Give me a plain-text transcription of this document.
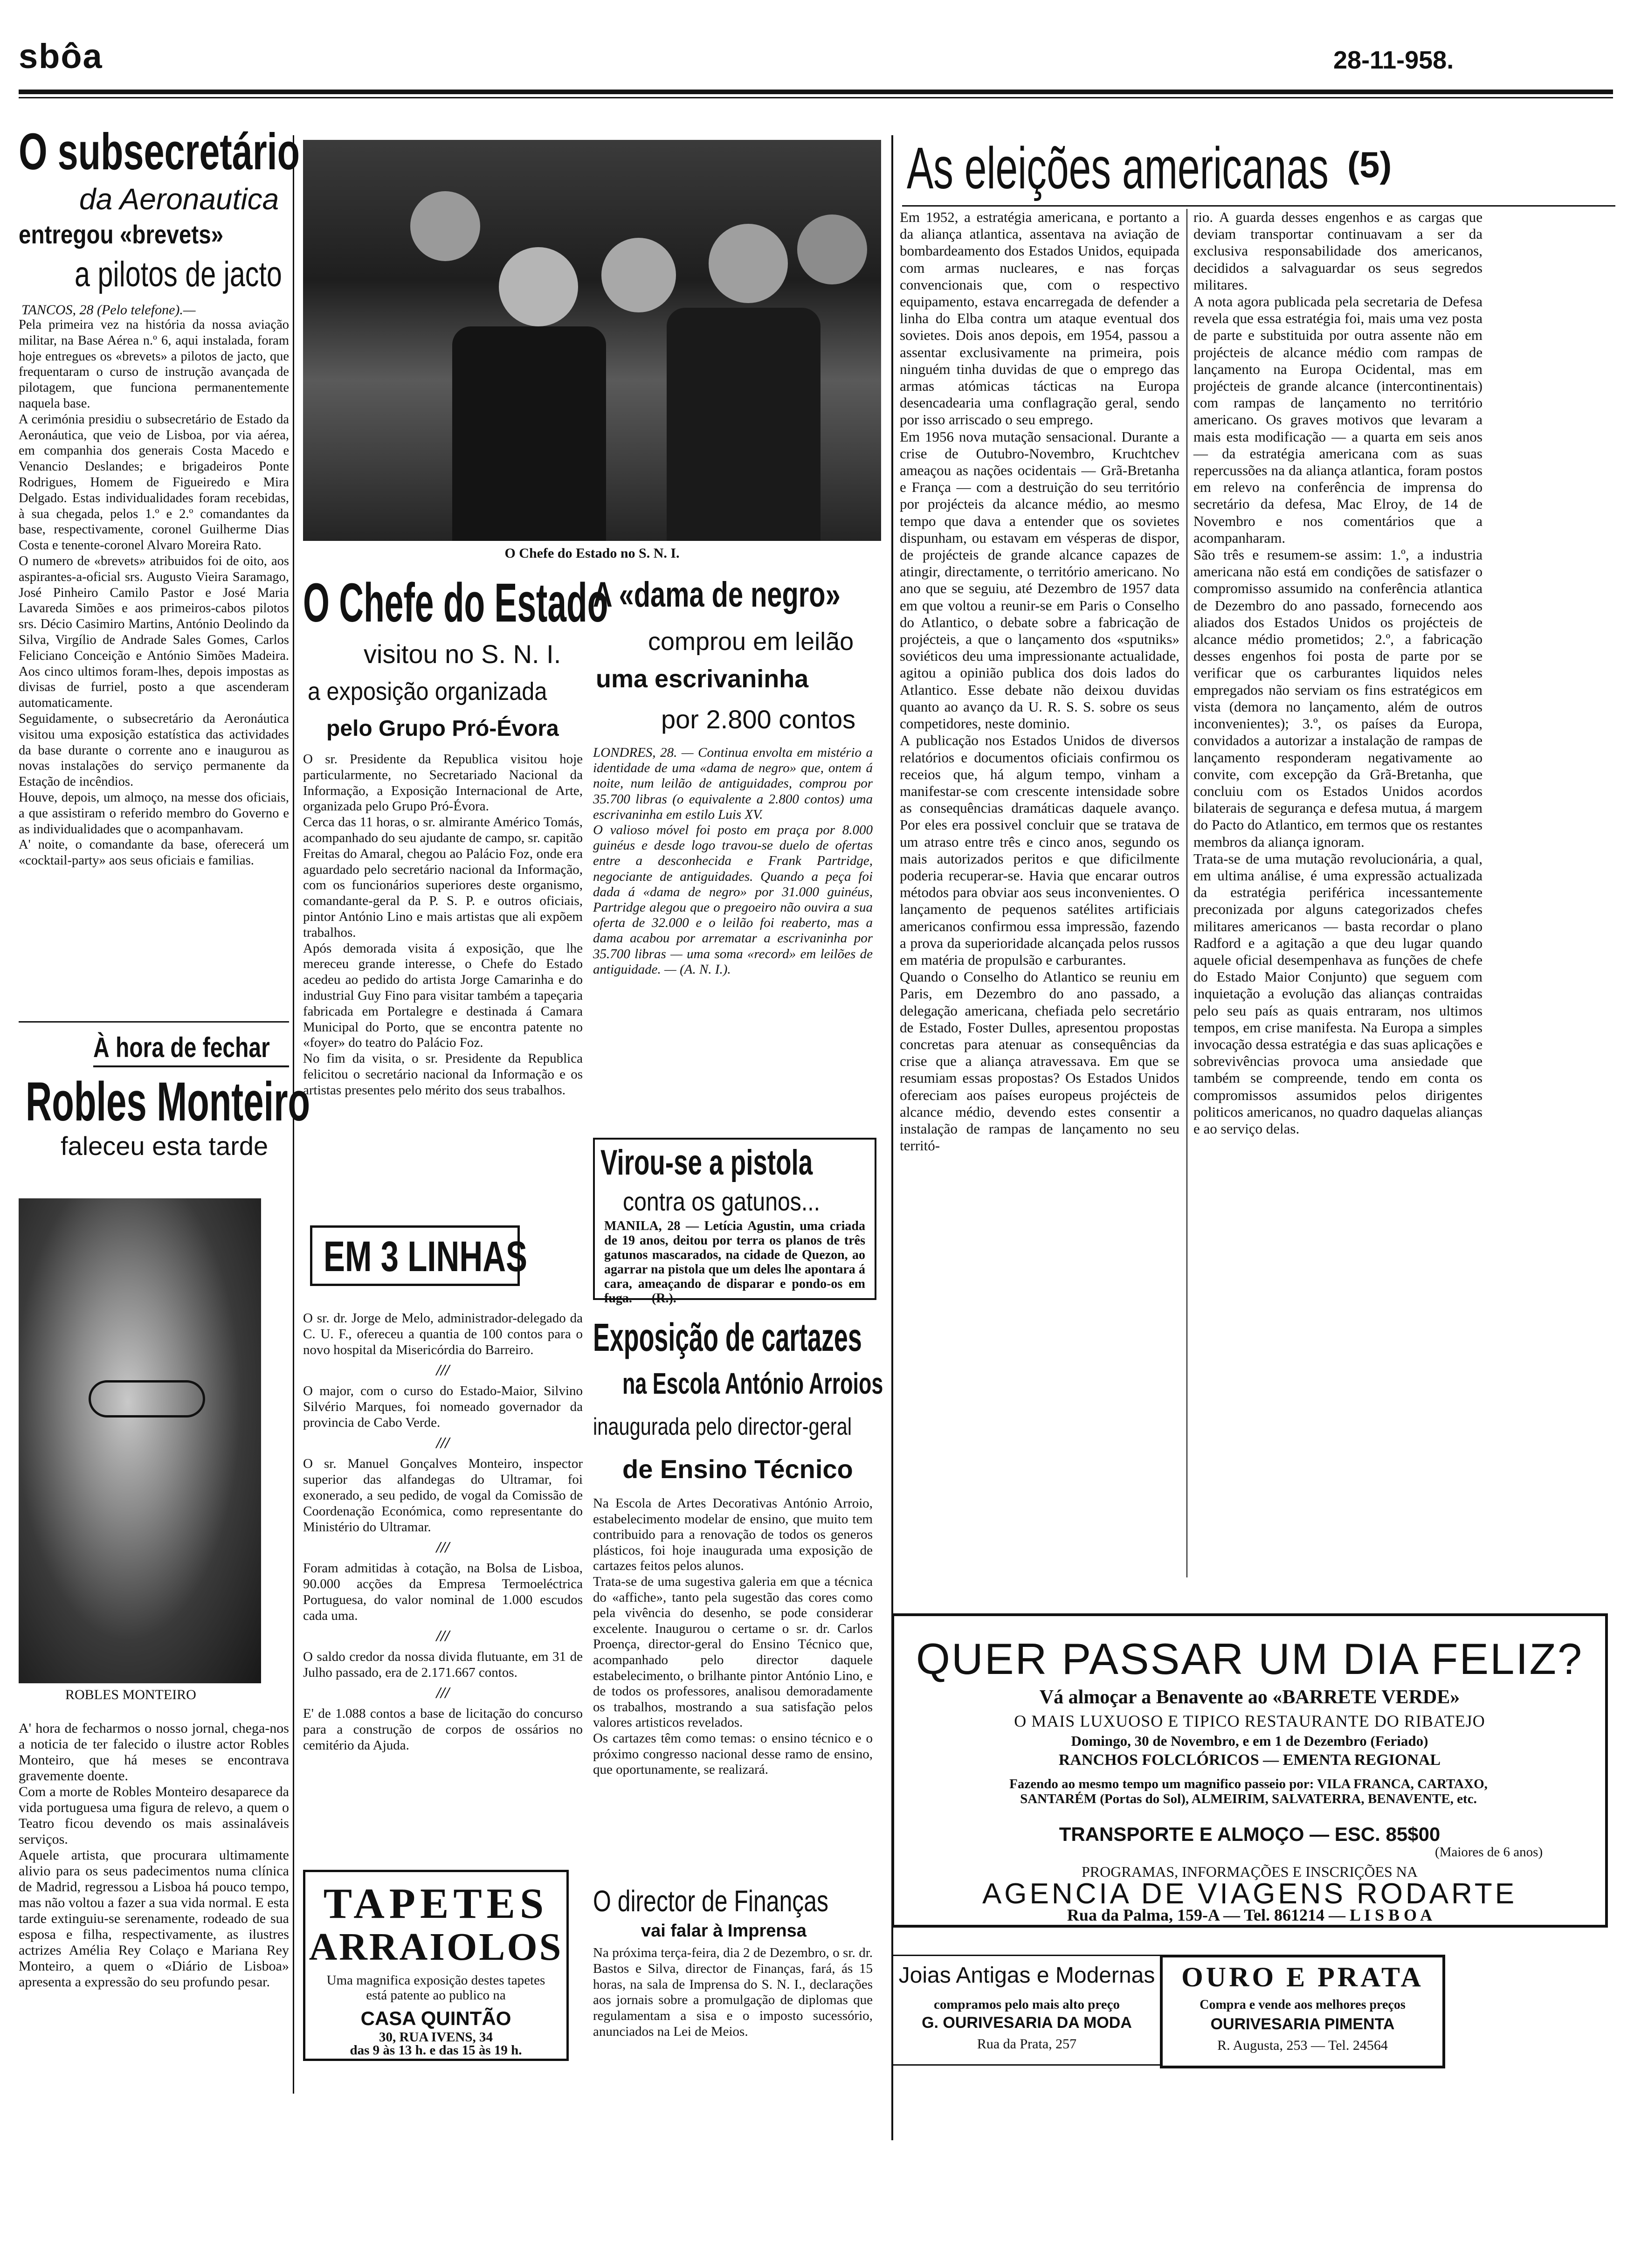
sbôa	28-11-958.
O subsecretário
da Aeronautica
entregou «brevets»
a pilotos de jacto
TANCOS, 28 (Pelo telefone).—
Pela primeira vez na história da nossa aviação militar, na Base Aérea n.º 6, aqui instalada, foram hoje entregues os «brevets» a pilotos de jacto, que frequentaram o curso de instrução avançada de pilotagem, que funciona permanentemente naquela base.
A cerimónia presidiu o subsecretário de Estado da Aeronáutica, que veio de Lisboa, por via aérea, em companhia dos generais Costa Macedo e Venancio Deslandes; e brigadeiros Ponte Rodrigues, Homem de Figueiredo e Mira Delgado. Estas individualidades foram recebidas, à sua chegada, pelos 1.º e 2.º comandantes da base, respectivamente, coronel Guilherme Dias Costa e tenente-coronel Alvaro Moreira Rato.
O numero de «brevets» atribuidos foi de oito, aos aspirantes-a-oficial srs. Augusto Vieira Saramago, José Pinheiro Camilo Pastor e José Maria Lavareda Simões e aos primeiros-cabos pilotos srs. Décio Casimiro Martins, António Deolindo da Silva, Virgílio de Andrade Sales Gomes, Carlos Feliciano Conceição e António Simões Madeira. Aos cinco ultimos foram-lhes, depois impostas as divisas de furriel, posto a que ascenderam automaticamente.
Seguidamente, o subsecretário da Aeronáutica visitou uma exposição estatística das actividades da base durante o corrente ano e inaugurou as novas instalações do serviço permanente da Estação de incêndios.
Houve, depois, um almoço, na messe dos oficiais, a que assistiram o referido membro do Governo e as individualidades que o acompanhavam.
A' noite, o comandante da base, oferecerá um «cocktail-party» aos seus oficiais e familias.
À hora de fechar
Robles Monteiro
faleceu esta tarde
ROBLES MONTEIRO
A' hora de fecharmos o nosso jornal, chega-nos a noticia de ter falecido o ilustre actor Robles Monteiro, que há meses se encontrava gravemente doente.
Com a morte de Robles Monteiro desaparece da vida portuguesa uma figura de relevo, a quem o Teatro ficou devendo os mais assinaláveis serviços.
Aquele artista, que procurara ultimamente alivio para os seus padecimentos numa clínica de Madrid, regressou a Lisboa há pouco tempo, mas não voltou a fazer a sua vida normal. E esta tarde extinguiu-se serenamente, rodeado de sua esposa e filha, respectivamente, as ilustres actrizes Amélia Rey Colaço e Mariana Rey Monteiro, a quem o «Diário de Lisboa» apresenta a expressão do seu profundo pesar.
O Chefe do Estado no S. N. I.
O Chefe do Estado
visitou no S. N. I.
a exposição organizada
pelo Grupo Pró-Évora
O sr. Presidente da Republica visitou hoje particularmente, no Secretariado Nacional da Informação, a Exposição Internacional de Arte, organizada pelo Grupo Pró-Évora.
Cerca das 11 horas, o sr. almirante Américo Tomás, acompanhado do seu ajudante de campo, sr. capitão Freitas do Amaral, chegou ao Palácio Foz, onde era aguardado pelo secretário nacional da Informação, com os funcionários superiores deste organismo, comandante-geral da P. S. P. e outros oficiais, pintor António Lino e mais artistas que ali expõem trabalhos.
Após demorada visita á exposição, que lhe mereceu grande interesse, o Chefe do Estado acedeu ao pedido do artista Jorge Camarinha e do industrial Guy Fino para visitar também a tapeçaria fabricada em Portalegre e destinada á Camara Municipal do Porto, que se encontra patente no «foyer» do teatro do Palácio Foz.
No fim da visita, o sr. Presidente da Republica felicitou o secretário nacional da Informação e os artistas presentes pelo mérito dos seus trabalhos.
EM 3 LINHAS
O sr. dr. Jorge de Melo, administrador-delegado da C. U. F., ofereceu a quantia de 100 contos para o novo hospital da Misericórdia do Barreiro.
///
O major, com o curso do Estado-Maior, Silvino Silvério Marques, foi nomeado governador da provincia de Cabo Verde.
///
O sr. Manuel Gonçalves Monteiro, inspector superior das alfandegas do Ultramar, foi exonerado, a seu pedido, de vogal da Comissão de Coordenação Económica, como representante do Ministério do Ultramar.
///
Foram admitidas à cotação, na Bolsa de Lisboa, 90.000 acções da Empresa Termoeléctrica Portuguesa, do valor nominal de 1.000 escudos cada uma.
///
O saldo credor da nossa divida flutuante, em 31 de Julho passado, era de 2.171.667 contos.
///
E' de 1.088 contos a base de licitação do concurso para a construção de corpos de ossários no cemitério da Ajuda.
TAPETES
ARRAIOLOS
Uma magnifica exposição destes tapetes está patente ao publico na
CASA QUINTÃO
30, RUA IVENS, 34
das 9 às 13 h. e das 15 às 19 h.
A «dama de negro»
comprou em leilão
uma escrivaninha
por 2.800 contos
LONDRES, 28. — Continua envolta em mistério a identidade de uma «dama de negro» que, ontem á noite, num leilão de antiguidades, comprou por 35.700 libras (o equivalente a 2.800 contos) uma escrivaninha em estilo Luis XV.
O valioso móvel foi posto em praça por 8.000 guinéus e desde logo travou-se duelo de ofertas entre a desconhecida e Frank Partridge, negociante de antiguidades. Quando a peça foi dada á «dama de negro» por 31.000 guinéus, Partridge alegou que o pregoeiro não ouvira a sua oferta de 32.000 e o leilão foi reaberto, mas a dama acabou por arrematar a escrivaninha por 35.700 libras — uma soma «record» em leilões de antiguidade. — (A. N. I.).
Virou-se a pistola
contra os gatunos...
MANILA, 28 — Letícia Agustin, uma criada de 19 anos, deitou por terra os planos de três gatunos mascarados, na cidade de Quezon, ao agarrar na pistola que um deles lhe apontara á cara, ameaçando de disparar e pondo-os em fuga. — (R.).
Exposição de cartazes
na Escola António Arroios
inaugurada pelo director-geral
de Ensino Técnico
Na Escola de Artes Decorativas António Arroio, estabelecimento modelar de ensino, que muito tem contribuido para a renovação de todos os generos plásticos, foi hoje inaugurada uma exposição de cartazes feitos pelos alunos.
Trata-se de uma sugestiva galeria em que a técnica do «affiche», tanto pela sugestão das cores como pela vivência do desenho, se pode considerar excelente. Inaugurou o certame o sr. dr. Carlos Proença, director-geral do Ensino Técnico que, acompanhado pelo director daquele estabelecimento, o brilhante pintor António Lino, e de todos os professores, analisou demoradamente os trabalhos, mostrando a sua satisfação pelos valores artisticos revelados.
Os cartazes têm como temas: o ensino técnico e o próximo congresso nacional desse ramo de ensino, que oportunamente, se realizará.
O director de Finanças
vai falar à Imprensa
Na próxima terça-feira, dia 2 de Dezembro, o sr. dr. Bastos e Silva, director de Finanças, fará, ás 15 horas, na sala de Imprensa do S. N. I., declarações aos jornais sobre a promulgação de diplomas que regulamentam a sisa e o imposto sucessório, anunciados na Lei de Meios.
As eleições americanas (5)
Em 1952, a estratégia americana, e portanto a da aliança atlantica, assentava na aviação de bombardeamento dos Estados Unidos, equipada com armas nucleares, e nas forças convencionais que, com o respectivo equipamento, estava encarregada de defender a linha do Elba contra um ataque eventual dos sovietes. Dois anos depois, em 1954, passou a assentar exclusivamente na primeira, pois ninguém tinha duvidas de que o emprego das armas atómicas tácticas na Europa desencadearia uma conflagração geral, sendo por isso arriscado o seu emprego.
Em 1956 nova mutação sensacional. Durante a crise de Outubro-Novembro, Kruchtchev ameaçou as nações ocidentais — Grã-Bretanha e França — com a destruição do seu território por projécteis da alcance médio, ao mesmo tempo que dava a entender que os sovietes dispunham, ou estavam em vésperas de dispor, de projécteis de grande alcance capazes de atingir, directamente, o território americano. No ano que se seguiu, até Dezembro de 1957 data em que voltou a reunir-se em Paris o Conselho do Atlantico, o debate sobre a fabricação de projécteis, a que o lançamento dos «sputniks» soviéticos deu uma impressionante actualidade, agitou a opinião publica dos dois lados do Atlantico. Esse debate não deixou duvidas quanto ao avanço da U. R. S. S. sobre os seus competidores, neste dominio.
A publicação nos Estados Unidos de diversos relatórios e documentos oficiais confirmou os receios que, há algum tempo, vinham a manifestar-se com crescente intensidade sobre as consequências dramáticas daquele avanço. Por eles era possivel concluir que se tratava de um atraso entre três e cinco anos, segundo os mais autorizados peritos e que dificilmente poderia recuperar-se. Havia que encarar outros métodos para obviar aos seus inconvenientes. O lançamento de pequenos satélites artificiais americanos confirmou essa impressão, fazendo a prova da superioridade alcançada pelos russos em matéria de propulsão e carburantes.
Quando o Conselho do Atlantico se reuniu em Paris, em Dezembro do ano passado, a delegação americana, chefiada pelo secretário de Estado, Foster Dulles, apresentou propostas concretas para atenuar as consequências da crise que a aliança atravessava. Em que se resumiam essas propostas? Os Estados Unidos ofereciam aos países europeus projécteis de alcance médio, devendo estes consentir a instalação de rampas de lançamento no seu territó-
rio. A guarda desses engenhos e as cargas que deviam transportar continuavam a ser da exclusiva responsabilidade dos americanos, decididos a salvaguardar os seus segredos militares.
A nota agora publicada pela secretaria de Defesa revela que essa estratégia foi, mais uma vez posta de parte e substituida por outra assente não em projécteis de alcance médio com rampas de lançamento na Europa Ocidental, mas em projécteis de grande alcance (intercontinentais) com rampas de lançamento no território americano. Os graves motivos que levaram a mais esta modificação — a quarta em seis anos — da estratégia americana com as suas repercussões na da aliança atlantica, foram postos em relevo na conferência de imprensa do secretário da defesa, Mac Elroy, de 14 de Novembro e nos comentários que a acompanharam.
São três e resumem-se assim: 1.º, a industria americana não está em condições de satisfazer o compromisso assumido na conferência atlantica de Dezembro do ano passado, fornecendo aos aliados dos Estados Unidos os projécteis de alcance médio prometidos; 2.º, a fabricação desses engenhos foi posta de parte por se verificar que os carburantes liquidos neles empregados não serviam os fins estratégicos em vista (demora no lançamento, além de outros inconvenientes); 3.º, os países da Europa, convidados a autorizar a instalação de rampas de lançamento responderam negativamente ao convite, com excepção da Grã-Bretanha, que concluiu com os Estados Unidos acordos bilaterais de segurança e defesa mutua, á margem do Pacto do Atlantico, em termos que os restantes membros da aliança ignoram.
Trata-se de uma mutação revolucionária, a qual, em ultima análise, é uma expressão actualizada da estratégia periférica incessantemente preconizada por alguns categorizados chefes militares americanos — basta recordar o plano Radford e a agitação a que deu lugar quando aquele oficial desempenhava as funções de chefe do Estado Maior Conjunto) que seguem com inquietação a evolução das alianças contraidas pelo seu país as quais entraram, nos ultimos tempos, em crise manifesta. Na Europa a simples invocação dessa estratégia e das suas aplicações e sobrevivências provoca uma ansiedade que também se compreende, tendo em conta os compromissos assumidos pelos dirigentes politicos americanos, no quadro daquelas alianças e ao serviço delas.
QUER PASSAR UM DIA FELIZ?
Vá almoçar a Benavente ao «BARRETE VERDE»
O MAIS LUXUOSO E TIPICO RESTAURANTE DO RIBATEJO
Domingo, 30 de Novembro, e em 1 de Dezembro (Feriado)
RANCHOS FOLCLÓRICOS — EMENTA REGIONAL
Fazendo ao mesmo tempo um magnifico passeio por: VILA FRANCA, CARTAXO, SANTARÉM (Portas do Sol), ALMEIRIM, SALVATERRA, BENAVENTE, etc.
TRANSPORTE E ALMOÇO — ESC. 85$00
(Maiores de 6 anos)
PROGRAMAS, INFORMAÇÕES E INSCRIÇÕES NA
AGENCIA DE VIAGENS RODARTE
Rua da Palma, 159-A — Tel. 861214 — L I S B O A
Joias Antigas e Modernas
compramos pelo mais alto preço
G. OURIVESARIA DA MODA
Rua da Prata, 257
OURO E PRATA
Compra e vende aos melhores preços
OURIVESARIA PIMENTA
R. Augusta, 253 — Tel. 24564
